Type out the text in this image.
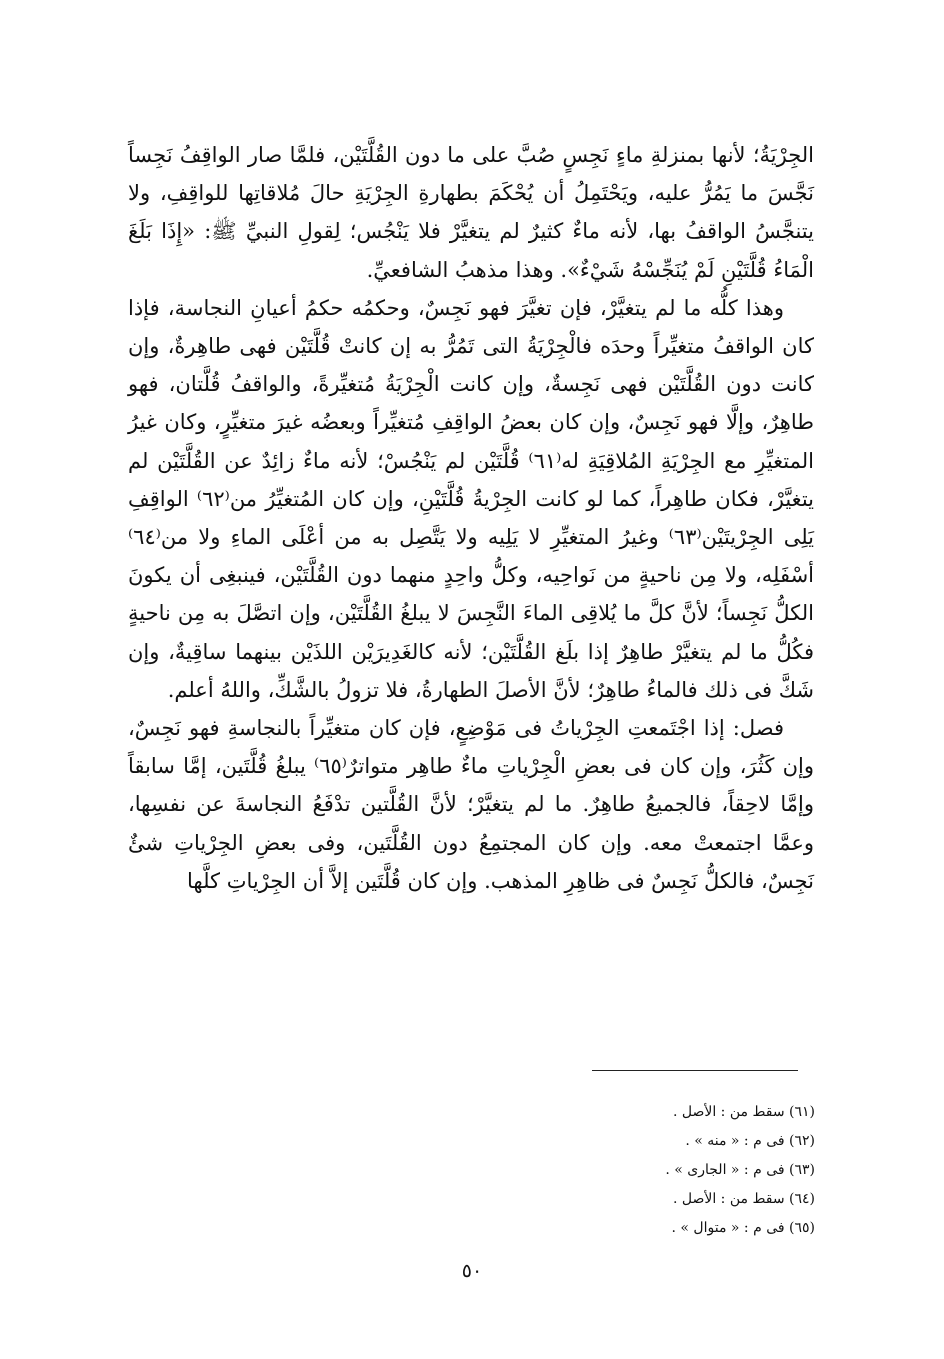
الجِرْيَةُ؛ لأنها بمنزلةِ ماءٍ نَجِسٍ صُبَّ على ما دون القُلَّتَيْن، فلمَّا صار الواقِفُ نَجِساً نَجَّسَ ما يَمُرُّ عليه، ويَحْتَمِلُ أن يُحْكَمَ بطهارةِ الجِرْيَةِ حالَ مُلاقاتِها للواقِفِ، ولا يتنجَّسُ الواقفُ بها، لأنه ماءٌ كثيرٌ لم يتغيَّرْ فلا يَنْجُس؛ لِقولِ النبيِّ ﷺ: «إِذَا بَلَغَ الْمَاءُ قُلَّتَيْنِ لَمْ يُنَجِّسْهُ شَيْءٌ». وهذا مذهبُ الشافعيِّ.

وهذا كلُّه ما لم يتغيَّرْ، فإن تغيَّرَ فهو نَجِسٌ، وحكمُه حكمُ أعيانِ النجاسة، فإذا كان الواقفُ متغيِّراً وحدَه فالْجِرْيَةُ التى تَمُرُّ به إن كانتْ قُلَّتَيْن فهى طاهِرةٌ، وإن كانت دون القُلَّتَيْن فهى نَجِسةٌ، وإن كانت الْجِرْيَةُ مُتغيِّرةً، والواقفُ قُلَّتان، فهو طاهِرٌ، وإلَّا فهو نَجِسٌ، وإن كان بعضُ الواقِفِ مُتغيِّراً وبعضُه غيرَ متغيِّرٍ، وكان غيرُ المتغيِّرِ مع الجِرْيَةِ المُلاقِيَةِ له⁽٦١⁾ قُلَّتَيْن لم يَنْجُسْ؛ لأنه ماءٌ زائِدٌ عن القُلَّتَيْن لم يتغيَّرْ، فكان طاهِراً، كما لو كانت الجِرْيةُ قُلَّتَيْنِ، وإن كان المُتغيِّرُ من⁽٦٢⁾ الواقِفِ يَلِى الجِرْيتَيْن⁽٦٣⁾ وغيرُ المتغيِّرِ لا يَلِيه ولا يَتَّصِل به من أعْلَى الماءِ ولا من⁽٦٤⁾ أسْفَلِه، ولا مِن ناحيةٍ من نَواحِيه، وكلُّ واحِدٍ منهما دون القُلَّتَيْن، فينبغِى أن يكونَ الكلُّ نَجِساً؛ لأنَّ كلَّ ما يُلاقِى الماءَ النَّجِسَ لا يبلغُ القُلَّتَيْن، وإن اتصَّلَ به مِن ناحيةٍ فكُلُّ ما لم يتغيَّرْ طاهِرٌ إذا بلَغ القُلَّتَيْن؛ لأنه كالغَدِيرَيْن اللذَيْن بينهما ساقِيةٌ، وإن شَكَّ فى ذلك فالماءُ طاهِرٌ؛ لأنَّ الأصلَ الطهارةُ، فلا تزولُ بالشَّكِّ، واللهُ أعلم.

فصل: إذا اجْتَمعتِ الجِرْياتُ فى مَوْضِعٍ، فإن كان متغيِّراً بالنجاسةِ فهو نَجِسٌ، وإن كَثُرَ، وإن كان فى بعضِ الْجِرْياتِ ماءٌ طاهِر متواترٌ⁽٦٥⁾ يبلغُ قُلَّتَين، إمَّا سابقاً وإمَّا لاحِقاً، فالجميعُ طاهِرٌ. ما لم يتغيَّرْ؛ لأنَّ القُلَّتين تدْفَعُ النجاسةَ عن نفسِها، وعمَّا اجتمعتْ معه. وإن كان المجتمِعُ دون القُلَّتَين، وفى بعضِ الجِرْياتِ شئٌ نَجِسٌ، فالكلُّ نَجِسٌ فى ظاهِرِ المذهب. وإن كان قُلَّتَين إلاَّ أن الجِرْياتِ كلَّها

(٦١) سقط من : الأصل .
(٦٢) فى م : « منه » .
(٦٣) فى م : « الجارى » .
(٦٤) سقط من : الأصل .
(٦٥) فى م : « متوال » .
٥٠
